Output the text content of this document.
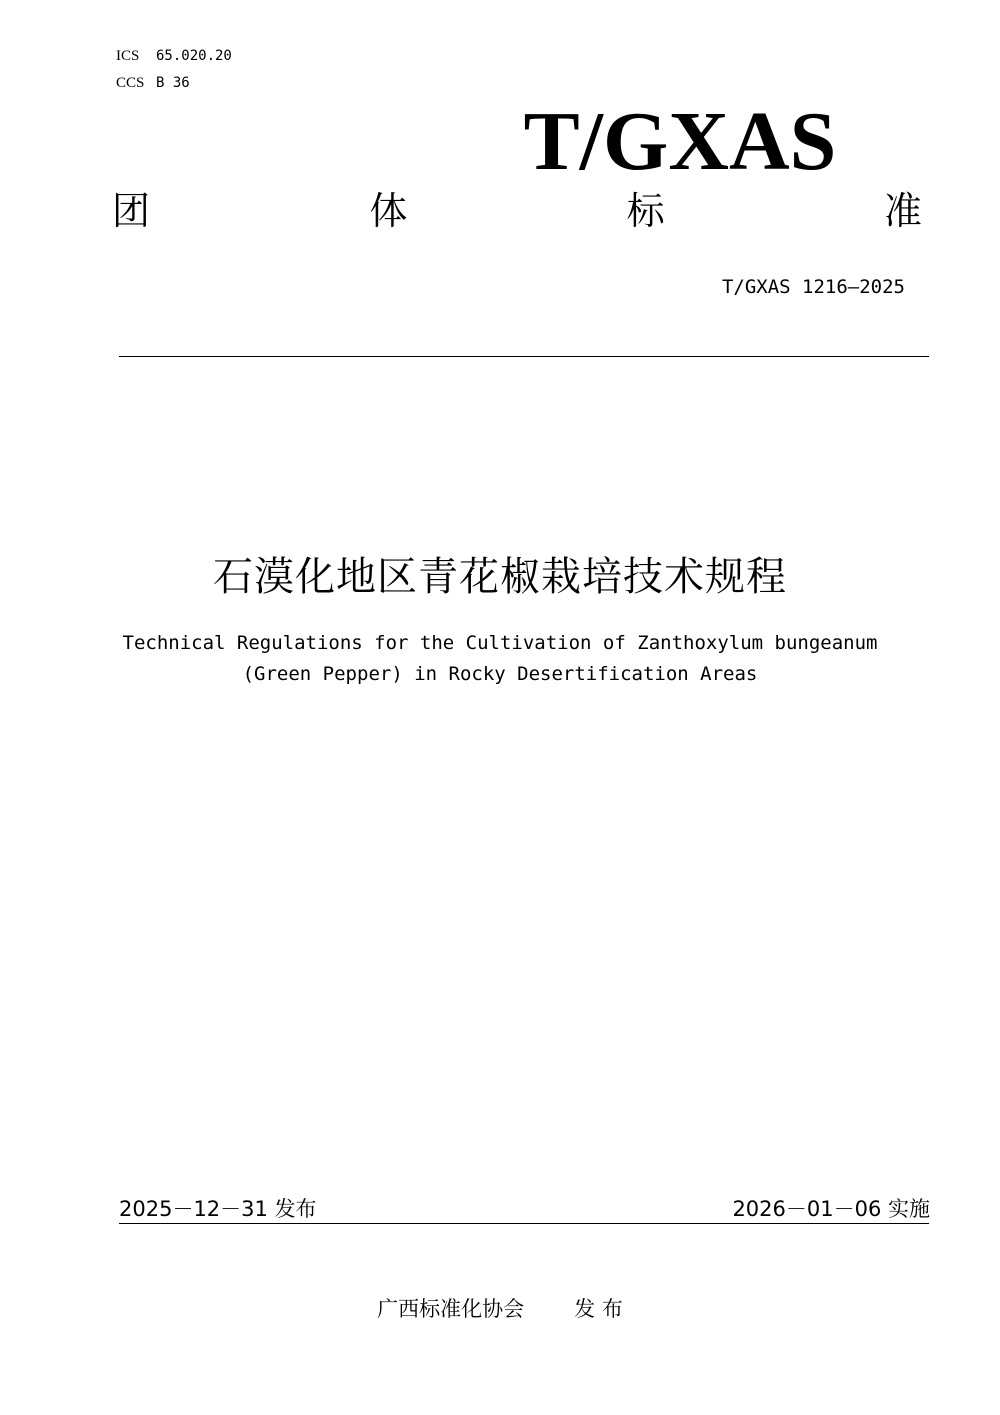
ICS 65.020.20
CCS B 36
T/GXAS
团	体	标	准
T/GXAS 1216—2025
石漠化地区青花椒栽培技术规程
Technical Regulations for the Cultivation of Zanthoxylum bungeanum
(Green Pepper) in Rocky Desertification Areas
2025－12－31 发布	2026－01－06 实施
广西标准化协会 发 布
